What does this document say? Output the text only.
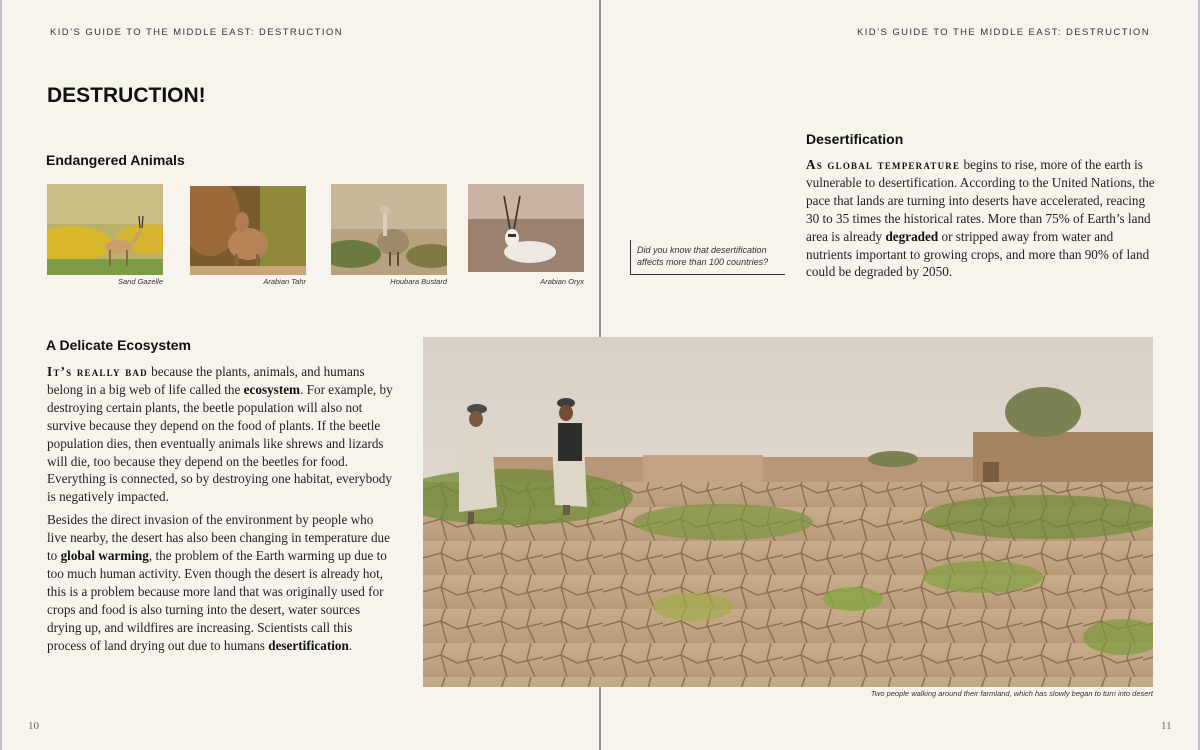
KID’S GUIDE TO THE MIDDLE EAST: DESTRUCTION	KID’S GUIDE TO THE MIDDLE EAST: DESTRUCTION
DESTRUCTION!
Endangered Animals
Sand Gazelle	Arabian Tahr	Houbara Bustard	Arabian Oryx
A Delicate Ecosystem

It’s really bad because the plants, animals, and humans belong in a big web of life called the ecosystem. For example, by destroying certain plants, the beetle population will also not survive because they depend on the food of plants. If the beetle population dies, then eventually animals like shrews and lizards will die, too because they depend on the beetles for food. Everything is connected, so by destroying one habitat, everybody is negatively impacted.

Besides the direct invasion of the environment by people who live nearby, the desert has also been changing in temperature due to global warming, the problem of the Earth warming up due to too much human activity. Even though the desert is already hot, this is a problem because more land that was originally used for crops and food is also turning into the desert, water sources drying up, and wildfires are increasing. Scientists call this process of land drying out due to humans desertification.

Desertification

As global temperature begins to rise, more of the earth is vulnerable to desertification. According to the United Nations, the pace that lands are turning into deserts have accelerated, reacing 30 to 35 times the historical rates. More than 75% of Earth’s land area is already degraded or stripped away from water and nutrients important to growing crops, and more than 90% of land could be degraded by 2050.

Did you know that desertification affects more than 100 countries?
Two people walking around their farmland, which has slowly began to turn into desert
10	11
